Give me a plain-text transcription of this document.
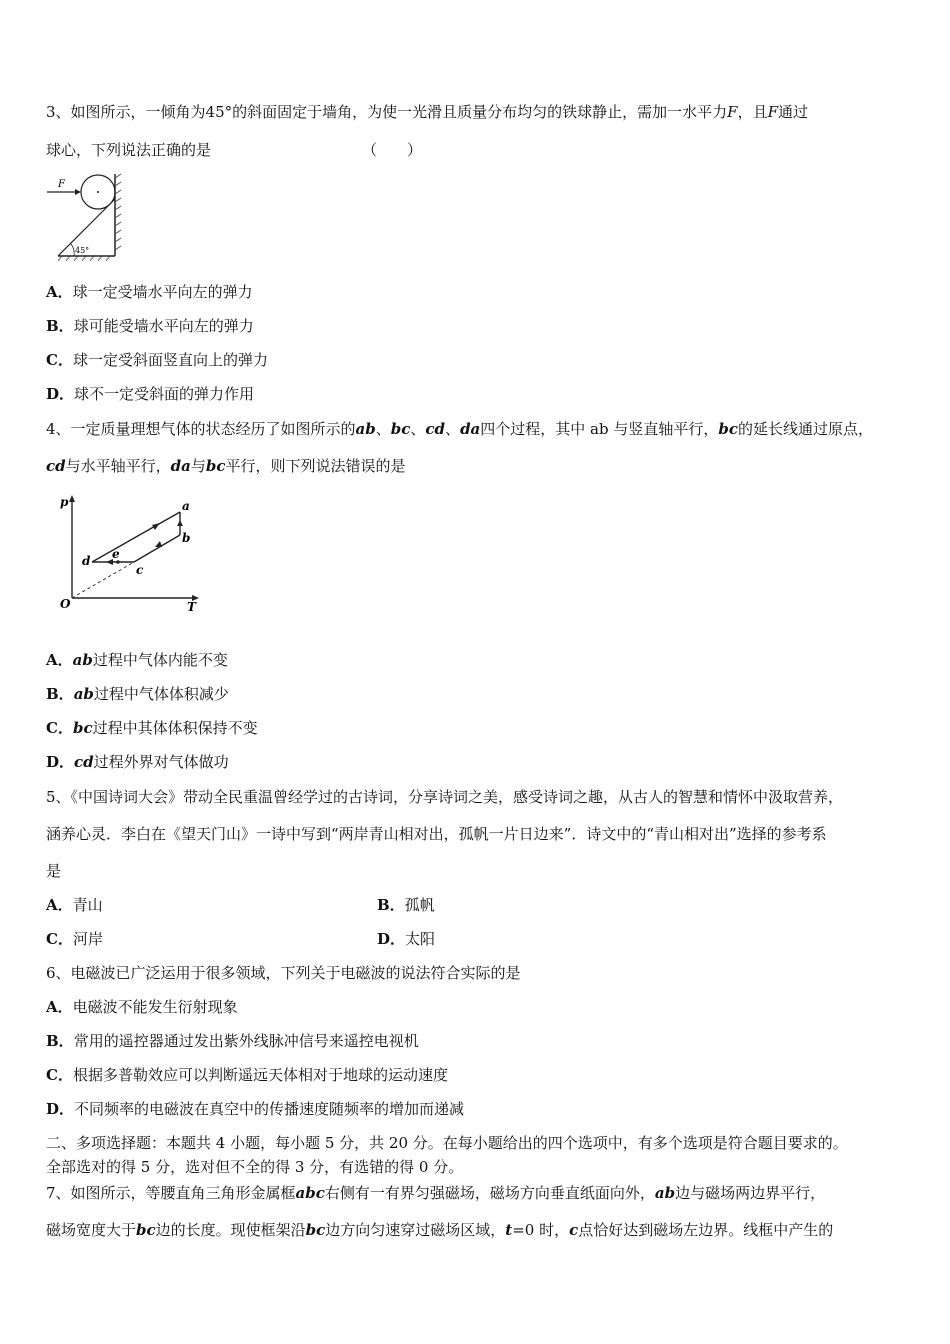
3、如图所示，一倾角为45°的斜面固定于墙角，为使一光滑且质量分布均匀的铁球静止，需加一水平力F，且F通过
球心，下列说法正确的是	（　　）
F
45°
A．球一定受墙水平向左的弹力
B．球可能受墙水平向左的弹力
C．球一定受斜面竖直向上的弹力
D．球不一定受斜面的弹力作用
4、一定质量理想气体的状态经历了如图所示的ab、bc、cd、da四个过程，其中 ab 与竖直轴平行，bc的延长线通过原点，
cd与水平轴平行，da与bc平行，则下列说法错误的是
p
T
O
a
b
c
d e
A．ab过程中气体内能不变
B．ab过程中气体体积减少
C．bc过程中其体体积保持不变
D．cd过程外界对气体做功
5、《中国诗词大会》带动全民重温曾经学过的古诗词，分享诗词之美，感受诗词之趣，从古人的智慧和情怀中汲取营养，
涵养心灵．李白在《望天门山》一诗中写到“两岸青山相对出，孤帆一片日边来”．诗文中的“青山相对出”选择的参考系
是
A．青山	B．孤帆
C．河岸	D．太阳
6、电磁波已广泛运用于很多领域，下列关于电磁波的说法符合实际的是
A．电磁波不能发生衍射现象
B．常用的遥控器通过发出紫外线脉冲信号来遥控电视机
C．根据多普勒效应可以判断遥远天体相对于地球的运动速度
D．不同频率的电磁波在真空中的传播速度随频率的增加而递减
二、多项选择题：本题共 4 小题，每小题 5 分，共 20 分。在每小题给出的四个选项中，有多个选项是符合题目要求的。
全部选对的得 5 分，选对但不全的得 3 分，有选错的得 0 分。
7、如图所示，等腰直角三角形金属框abc右侧有一有界匀强磁场，磁场方向垂直纸面向外，ab边与磁场两边界平行，
磁场宽度大于bc边的长度。现使框架沿bc边方向匀速穿过磁场区域，t=0 时，c点恰好达到磁场左边界。线框中产生的
